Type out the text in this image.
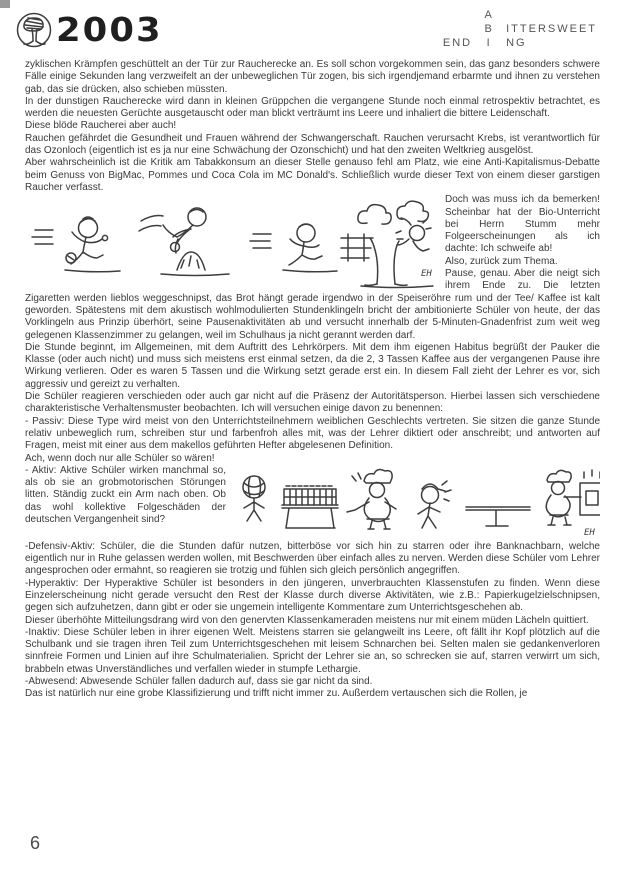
2003	A
B	ITTERSWEET
END	I	NG

zyklischen Krämpfen geschüttelt an der Tür zur Raucherecke an. Es soll schon vorgekommen sein, das ganz besonders schwere Fälle einige Sekunden lang verzweifelt an der unbeweglichen Tür zogen, bis sich irgendjemand erbarmte und ihnen zu verstehen gab, das sie drücken, also schieben müssten.

In der dunstigen Raucherecke wird dann in kleinen Grüppchen die vergangene Stunde noch einmal retrospektiv betrachtet, es werden die neuesten Gerüchte ausgetauscht oder man blickt verträumt ins Leere und inhaliert die bittere Leidenschaft.

Diese blöde Raucherei aber auch!

Rauchen gefährdet die Gesundheit und Frauen während der Schwangerschaft. Rauchen verursacht Krebs, ist verantwortlich für das Ozonloch (eigentlich ist es ja nur eine Schwächung der Ozonschicht) und hat den zweiten Weltkrieg ausgelöst.

Aber wahrscheinlich ist die Kritik am Tabakkonsum an dieser Stelle genauso fehl am Platz, wie eine Anti-Kapitalismus-Debatte beim Genuss von BigMac, Pommes und Coca Cola im MC Donald's. Schließlich wurde dieser Text von einem dieser garstigen Raucher verfasst.

EH

Doch was muss ich da bemerken! Scheinbar hat der Bio-Unterricht bei Herrn Stumm mehr Folgeerscheinungen als ich dachte: Ich schweife ab!

Also, zurück zum Thema.

Pause, genau. Aber die neigt sich ihrem Ende zu. Die letzten Zigaretten werden lieblos weggeschnipst, das Brot hängt gerade irgendwo in der Speiseröhre rum und der Tee/ Kaffee ist kalt geworden. Spätestens mit dem akustisch wohlmodulierten Stundenklingeln bricht der ambitionierte Schüler von heute, der das Vorklingeln aus Prinzip überhört, seine Pausenaktivitäten ab und versucht innerhalb der 5-Minuten-Gnadenfrist zum weit weg gelegenen Klassenzimmer zu gelangen, weil im Schulhaus ja nicht gerannt werden darf.

Die Stunde beginnt, im Allgemeinen, mit dem Auftritt des Lehrkörpers. Mit dem ihm eigenen Habitus begrüßt der Pauker die Klasse (oder auch nicht) und muss sich meistens erst einmal setzen, da die 2, 3 Tassen Kaffee aus der vergangenen Pause ihre Wirkung verlieren. Oder es waren 5 Tassen und die Wirkung setzt gerade erst ein. In diesem Fall zieht der Lehrer es vor, sich aggressiv und gereizt zu verhalten.

Die Schüler reagieren verschieden oder auch gar nicht auf die Präsenz der Autoritätsperson. Hierbei lassen sich verschiedene charakteristische Verhaltensmuster beobachten. Ich will versuchen einige davon zu benennen:

- Passiv: Diese Type wird meist von den Unterrichtsteilnehmern weiblichen Geschlechts vertreten. Sie sitzen die ganze Stunde relativ unbeweglich rum, schreiben stur und farbenfroh alles mit, was der Lehrer diktiert oder anschreibt; und antworten auf Fragen, meist mit einer aus dem makellos geführten Hefter abgelesenen Definition.

Ach, wenn doch nur alle Schüler so wären!

EH

- Aktiv: Aktive Schüler wirken manchmal so, als ob sie an grobmotorischen Störungen litten. Ständig zuckt ein Arm nach oben. Ob das wohl kollektive Folgeschäden der deutschen Vergangenheit sind?

-Defensiv-Aktiv: Schüler, die die Stunden dafür nutzen, bitterböse vor sich hin zu starren oder ihre Banknachbarn, welche eigentlich nur in Ruhe gelassen werden wollen, mit Beschwerden über einfach alles zu nerven. Werden diese Schüler vom Lehrer angesprochen oder ermahnt, so reagieren sie trotzig und fühlen sich gleich persönlich angegriffen.

-Hyperaktiv: Der Hyperaktive Schüler ist besonders in den jüngeren, unverbrauchten Klassenstufen zu finden. Wenn diese Einzelerscheinung nicht gerade versucht den Rest der Klasse durch diverse Aktivitäten, wie z.B.: Papierkugelzielschnipsen, gegen sich aufzuhetzen, dann gibt er oder sie ungemein intelligente Kommentare zum Unterrichtsgeschehen ab.

Dieser überhöhte Mitteilungsdrang wird von den genervten Klassenkameraden meistens nur mit einem müden Lächeln quittiert.

-Inaktiv: Diese Schüler leben in ihrer eigenen Welt. Meistens starren sie gelangweilt ins Leere, oft fällt ihr Kopf plötzlich auf die Schulbank und sie tragen ihren Teil zum Unterrichtsgeschehen mit leisem Schnarchen bei. Selten malen sie gedankenverloren sinnfreie Formen und Linien auf ihre Schulmaterialien. Spricht der Lehrer sie an, so schrecken sie auf, starren verwirrt um sich, brabbeln etwas Unverständliches und verfallen wieder in stumpfe Lethargie.

-Abwesend: Abwesende Schüler fallen dadurch auf, dass sie gar nicht da sind.

Das ist natürlich nur eine grobe Klassifizierung und trifft nicht immer zu. Außerdem vertauschen sich die Rollen, je

6
